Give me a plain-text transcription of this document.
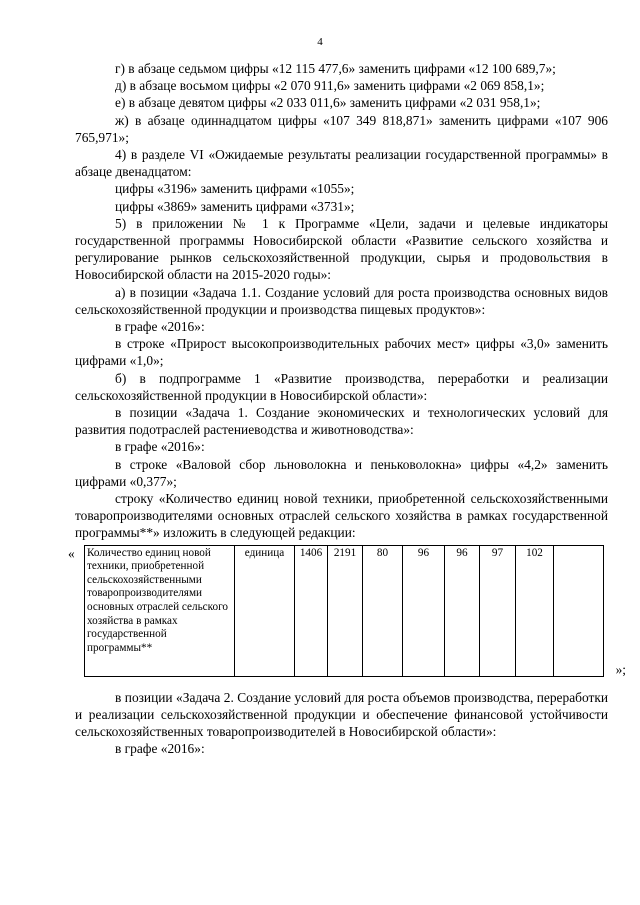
4

г) в абзаце седьмом цифры «12 115 477,6» заменить цифрами «12 100 689,7»;

д) в абзаце восьмом цифры «2 070 911,6» заменить цифрами «2 069 858,1»;

е) в абзаце девятом цифры «2 033 011,6» заменить цифрами «2 031 958,1»;

ж) в абзаце одиннадцатом цифры «107 349 818,871» заменить цифрами «107 906 765,971»;

4) в разделе VI «Ожидаемые результаты реализации государственной программы» в абзаце двенадцатом:

цифры «3196» заменить цифрами «1055»;

цифры «3869» заменить цифрами «3731»;

5) в приложении № 1 к Программе «Цели, задачи и целевые индикаторы государственной программы Новосибирской области «Развитие сельского хозяйства и регулирование рынков сельскохозяйственной продукции, сырья и продовольствия в Новосибирской области на 2015-2020 годы»:

а) в позиции «Задача 1.1. Создание условий для роста производства основных видов сельскохозяйственной продукции и производства пищевых продуктов»:

в графе «2016»:

в строке «Прирост высокопроизводительных рабочих мест» цифры «3,0» заменить цифрами «1,0»;

б) в подпрограмме 1 «Развитие производства, переработки и реализации сельскохозяйственной продукции в Новосибирской области»:

в позиции «Задача 1. Создание экономических и технологических условий для развития подотраслей растениеводства и животноводства»:

в графе «2016»:

в строке «Валовой сбор льноволокна и пеньковолокна» цифры «4,2» заменить цифрами «0,377»;

строку «Количество единиц новой техники, приобретенной сельскохозяйственными товаропроизводителями основных отраслей сельского хозяйства в рамках государственной программы**» изложить в следующей редакции:

« Количество единиц новой техники, приобретенной сельскохозяйственными товаропроизводителями основных отраслей сельского хозяйства в рамках государственной программы**	единица	1406	2191	80	96	96	97	102	
»;

в позиции «Задача 2. Создание условий для роста объемов производства, переработки и реализации сельскохозяйственной продукции и обеспечение финансовой устойчивости сельскохозяйственных товаропроизводителей в Новосибирской области»:

в графе «2016»:
